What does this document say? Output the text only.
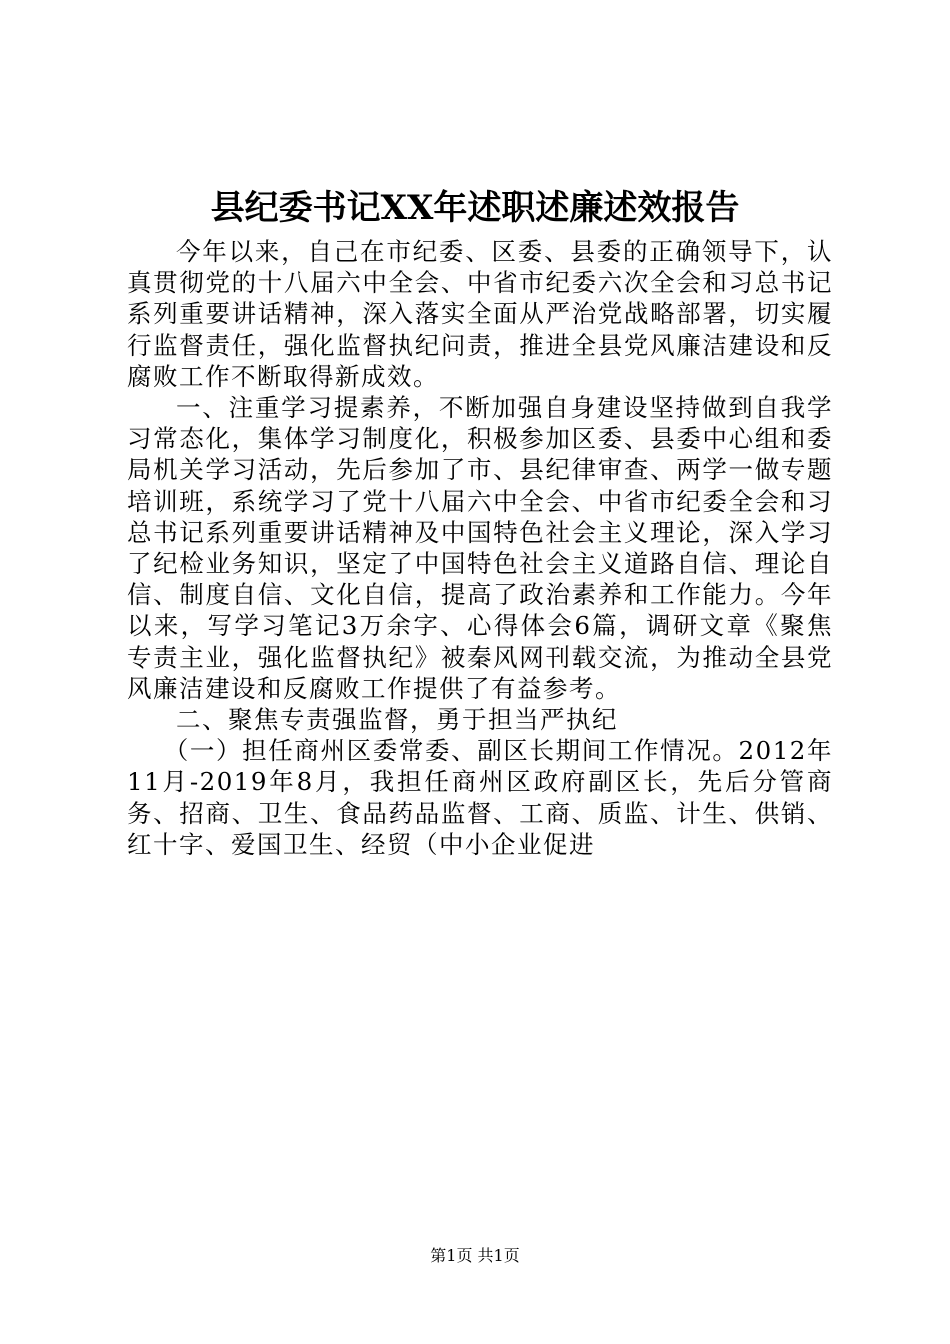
县纪委书记XX年述职述廉述效报告

今年以来，自己在市纪委、区委、县委的正确领导下，认真贯彻党的十八届六中全会、中省市纪委六次全会和习总书记系列重要讲话精神，深入落实全面从严治党战略部署，切实履行监督责任，强化监督执纪问责，推进全县党风廉洁建设和反腐败工作不断取得新成效。

一、注重学习提素养，不断加强自身建设坚持做到自我学习常态化，集体学习制度化，积极参加区委、县委中心组和委局机关学习活动，先后参加了市、县纪律审查、两学一做专题培训班，系统学习了党十八届六中全会、中省市纪委全会和习总书记系列重要讲话精神及中国特色社会主义理论，深入学习了纪检业务知识，坚定了中国特色社会主义道路自信、理论自信、制度自信、文化自信，提高了政治素养和工作能力。今年以来，写学习笔记3万余字、心得体会6篇，调研文章《聚焦专责主业，强化监督执纪》被秦风网刊载交流，为推动全县党风廉洁建设和反腐败工作提供了有益参考。

二、聚焦专责强监督，勇于担当严执纪

（一）担任商州区委常委、副区长期间工作情况。2012年11月-2019年8月，我担任商州区政府副区长，先后分管商务、招商、卫生、食品药品监督、工商、质监、计生、供销、红十字、爱国卫生、经贸（中小企业促进

第1页 共1页
